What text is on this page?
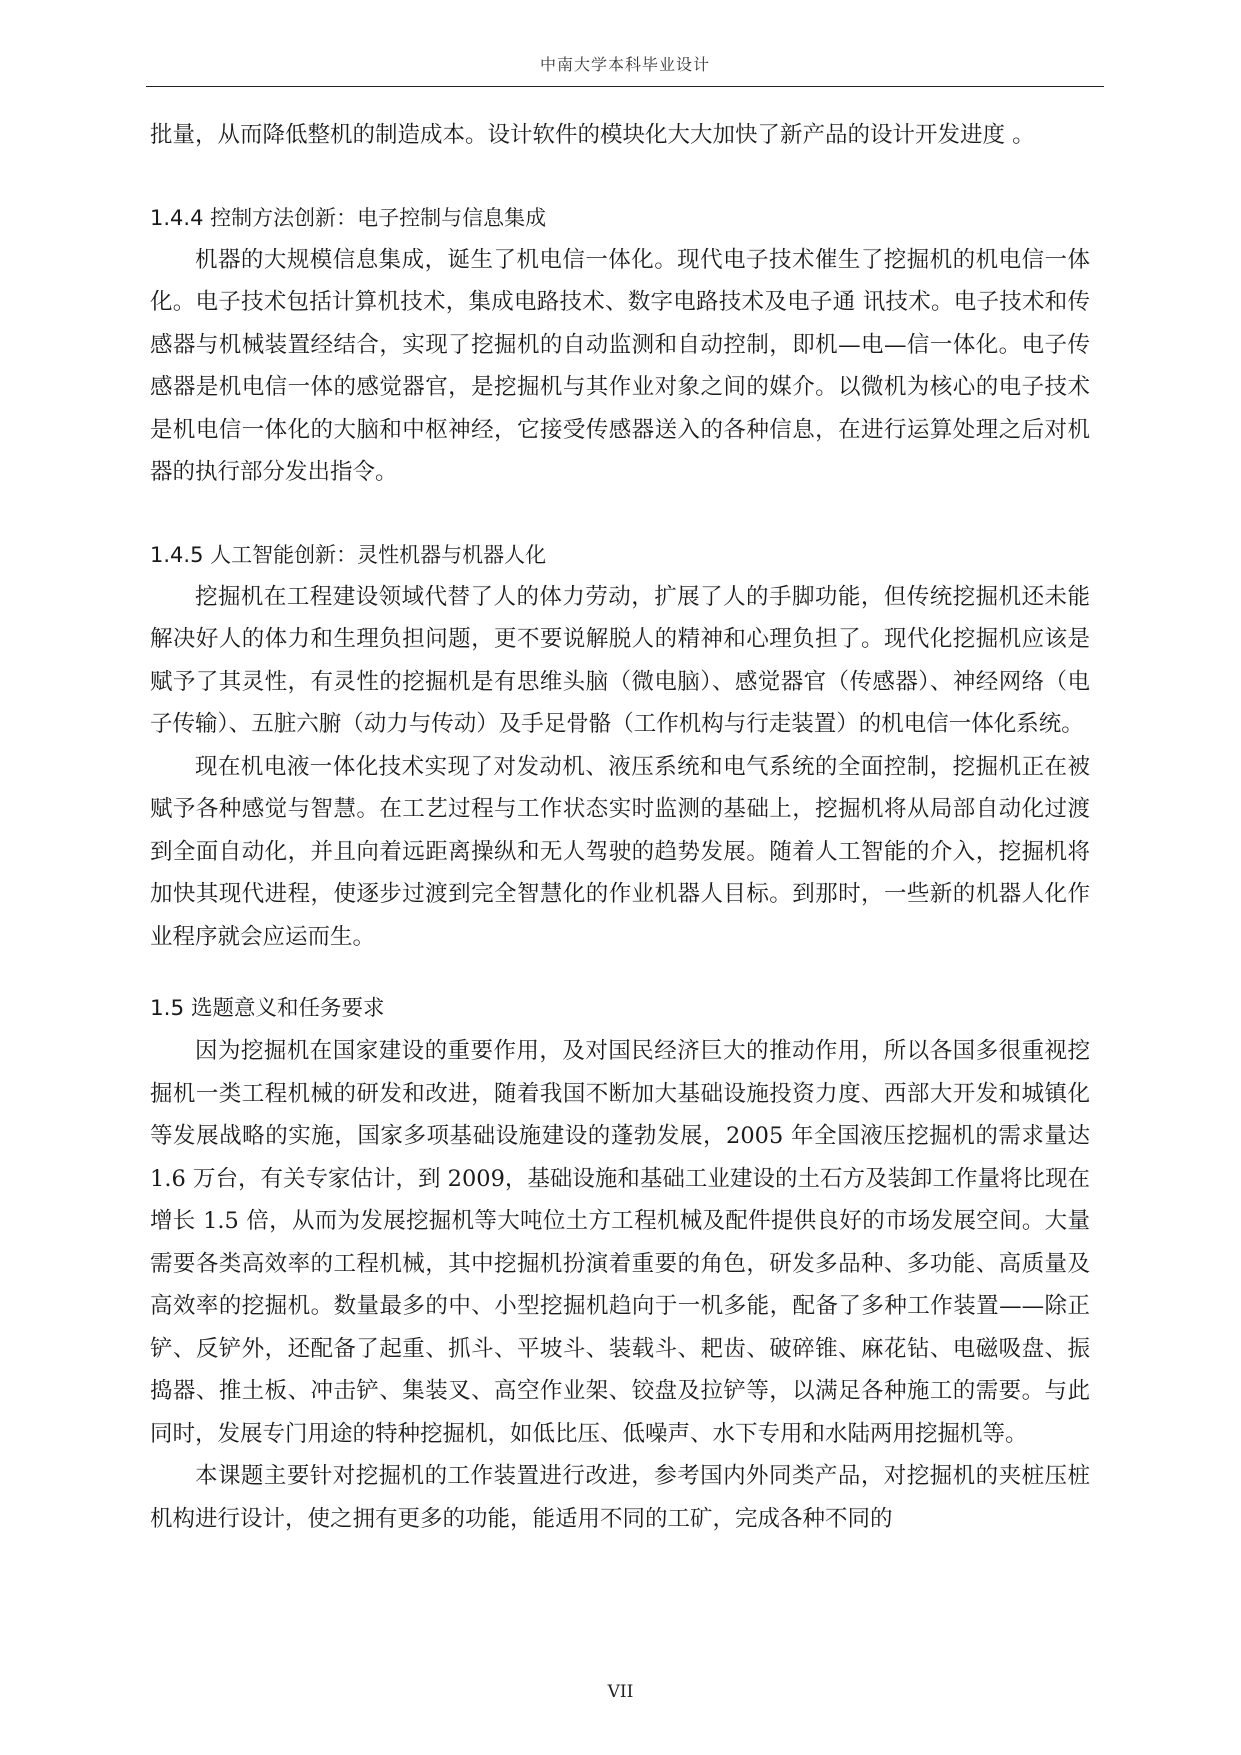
中南大学本科毕业设计

批量，从而降低整机的制造成本。设计软件的模块化大大加快了新产品的设计开发进度 。

1.4.4 控制方法创新：电子控制与信息集成

机器的大规模信息集成，诞生了机电信一体化。现代电子技术催生了挖掘机的机电信一体化。电子技术包括计算机技术，集成电路技术、数字电路技术及电子通 讯技术。电子技术和传感器与机械装置经结合，实现了挖掘机的自动监测和自动控制，即机—电—信一体化。电子传感器是机电信一体的感觉器官，是挖掘机与其作业对象之间的媒介。以微机为核心的电子技术是机电信一体化的大脑和中枢神经，它接受传感器送入的各种信息，在进行运算处理之后对机器的执行部分发出指令。

1.4.5 人工智能创新：灵性机器与机器人化

挖掘机在工程建设领域代替了人的体力劳动，扩展了人的手脚功能，但传统挖掘机还未能解决好人的体力和生理负担问题，更不要说解脱人的精神和心理负担了。现代化挖掘机应该是赋予了其灵性，有灵性的挖掘机是有思维头脑（微电脑）、感觉器官（传感器）、神经网络（电子传输）、五脏六腑（动力与传动）及手足骨骼（工作机构与行走装置）的机电信一体化系统。

现在机电液一体化技术实现了对发动机、液压系统和电气系统的全面控制，挖掘机正在被赋予各种感觉与智慧。在工艺过程与工作状态实时监测的基础上，挖掘机将从局部自动化过渡到全面自动化，并且向着远距离操纵和无人驾驶的趋势发展。随着人工智能的介入，挖掘机将加快其现代进程，使逐步过渡到完全智慧化的作业机器人目标。到那时，一些新的机器人化作业程序就会应运而生。

1.5 选题意义和任务要求

因为挖掘机在国家建设的重要作用，及对国民经济巨大的推动作用，所以各国多很重视挖掘机一类工程机械的研发和改进，随着我国不断加大基础设施投资力度、西部大开发和城镇化等发展战略的实施，国家多项基础设施建设的蓬勃发展，2005 年全国液压挖掘机的需求量达 1.6 万台，有关专家估计，到 2009，基础设施和基础工业建设的土石方及装卸工作量将比现在增长 1.5 倍，从而为发展挖掘机等大吨位土方工程机械及配件提供良好的市场发展空间。大量需要各类高效率的工程机械，其中挖掘机扮演着重要的角色，研发多品种、多功能、高质量及高效率的挖掘机。数量最多的中、小型挖掘机趋向于一机多能，配备了多种工作装置——除正铲、反铲外，还配备了起重、抓斗、平坡斗、装载斗、耙齿、破碎锥、麻花钻、电磁吸盘、振捣器、推土板、冲击铲、集装叉、高空作业架、铰盘及拉铲等，以满足各种施工的需要。与此同时，发展专门用途的特种挖掘机，如低比压、低噪声、水下专用和水陆两用挖掘机等。

本课题主要针对挖掘机的工作装置进行改进，参考国内外同类产品，对挖掘机的夹桩压桩机构进行设计，使之拥有更多的功能，能适用不同的工矿，完成各种不同的

VII
